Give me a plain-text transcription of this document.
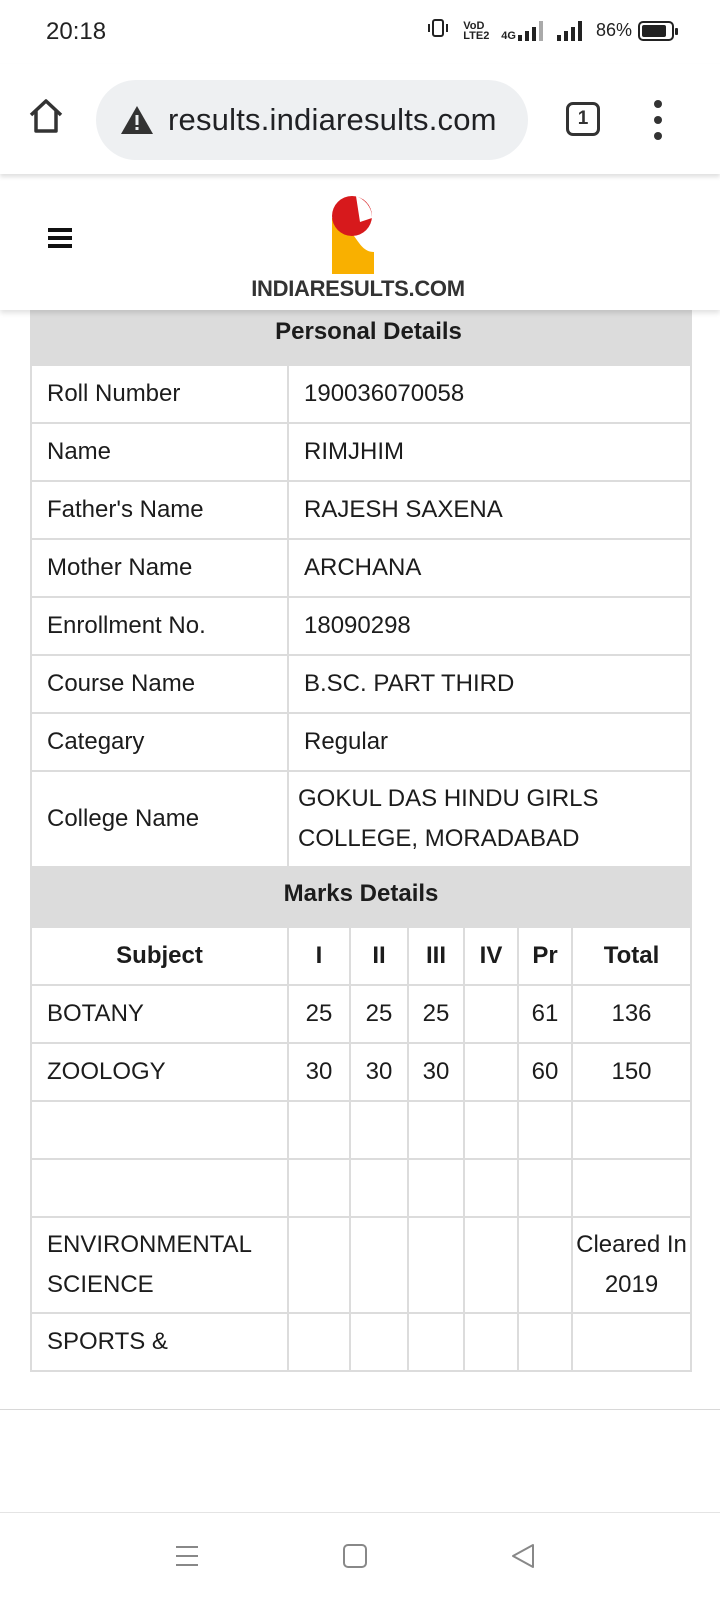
20:18	VoD LTE2 4G	86%
results.indiaresults.com	1
INDIARESULTS.COM
Personal Details	
Roll Number	190036070058
Name	RIMJHIM
Father's Name	RAJESH SAXENA
Mother Name	ARCHANA
Enrollment No.	18090298
Course Name	B.SC. PART THIRD
Categary	Regular
College Name	GOKUL DAS HINDU GIRLS COLLEGE, MORADABAD
Marks Details						
Subject	I	II	III	IV	Pr	Total
BOTANY	25	25	25		61	136
ZOOLOGY	30	30	30		60	150

ENVIRONMENTAL SCIENCE						Cleared In 2019
SPORTS &						
